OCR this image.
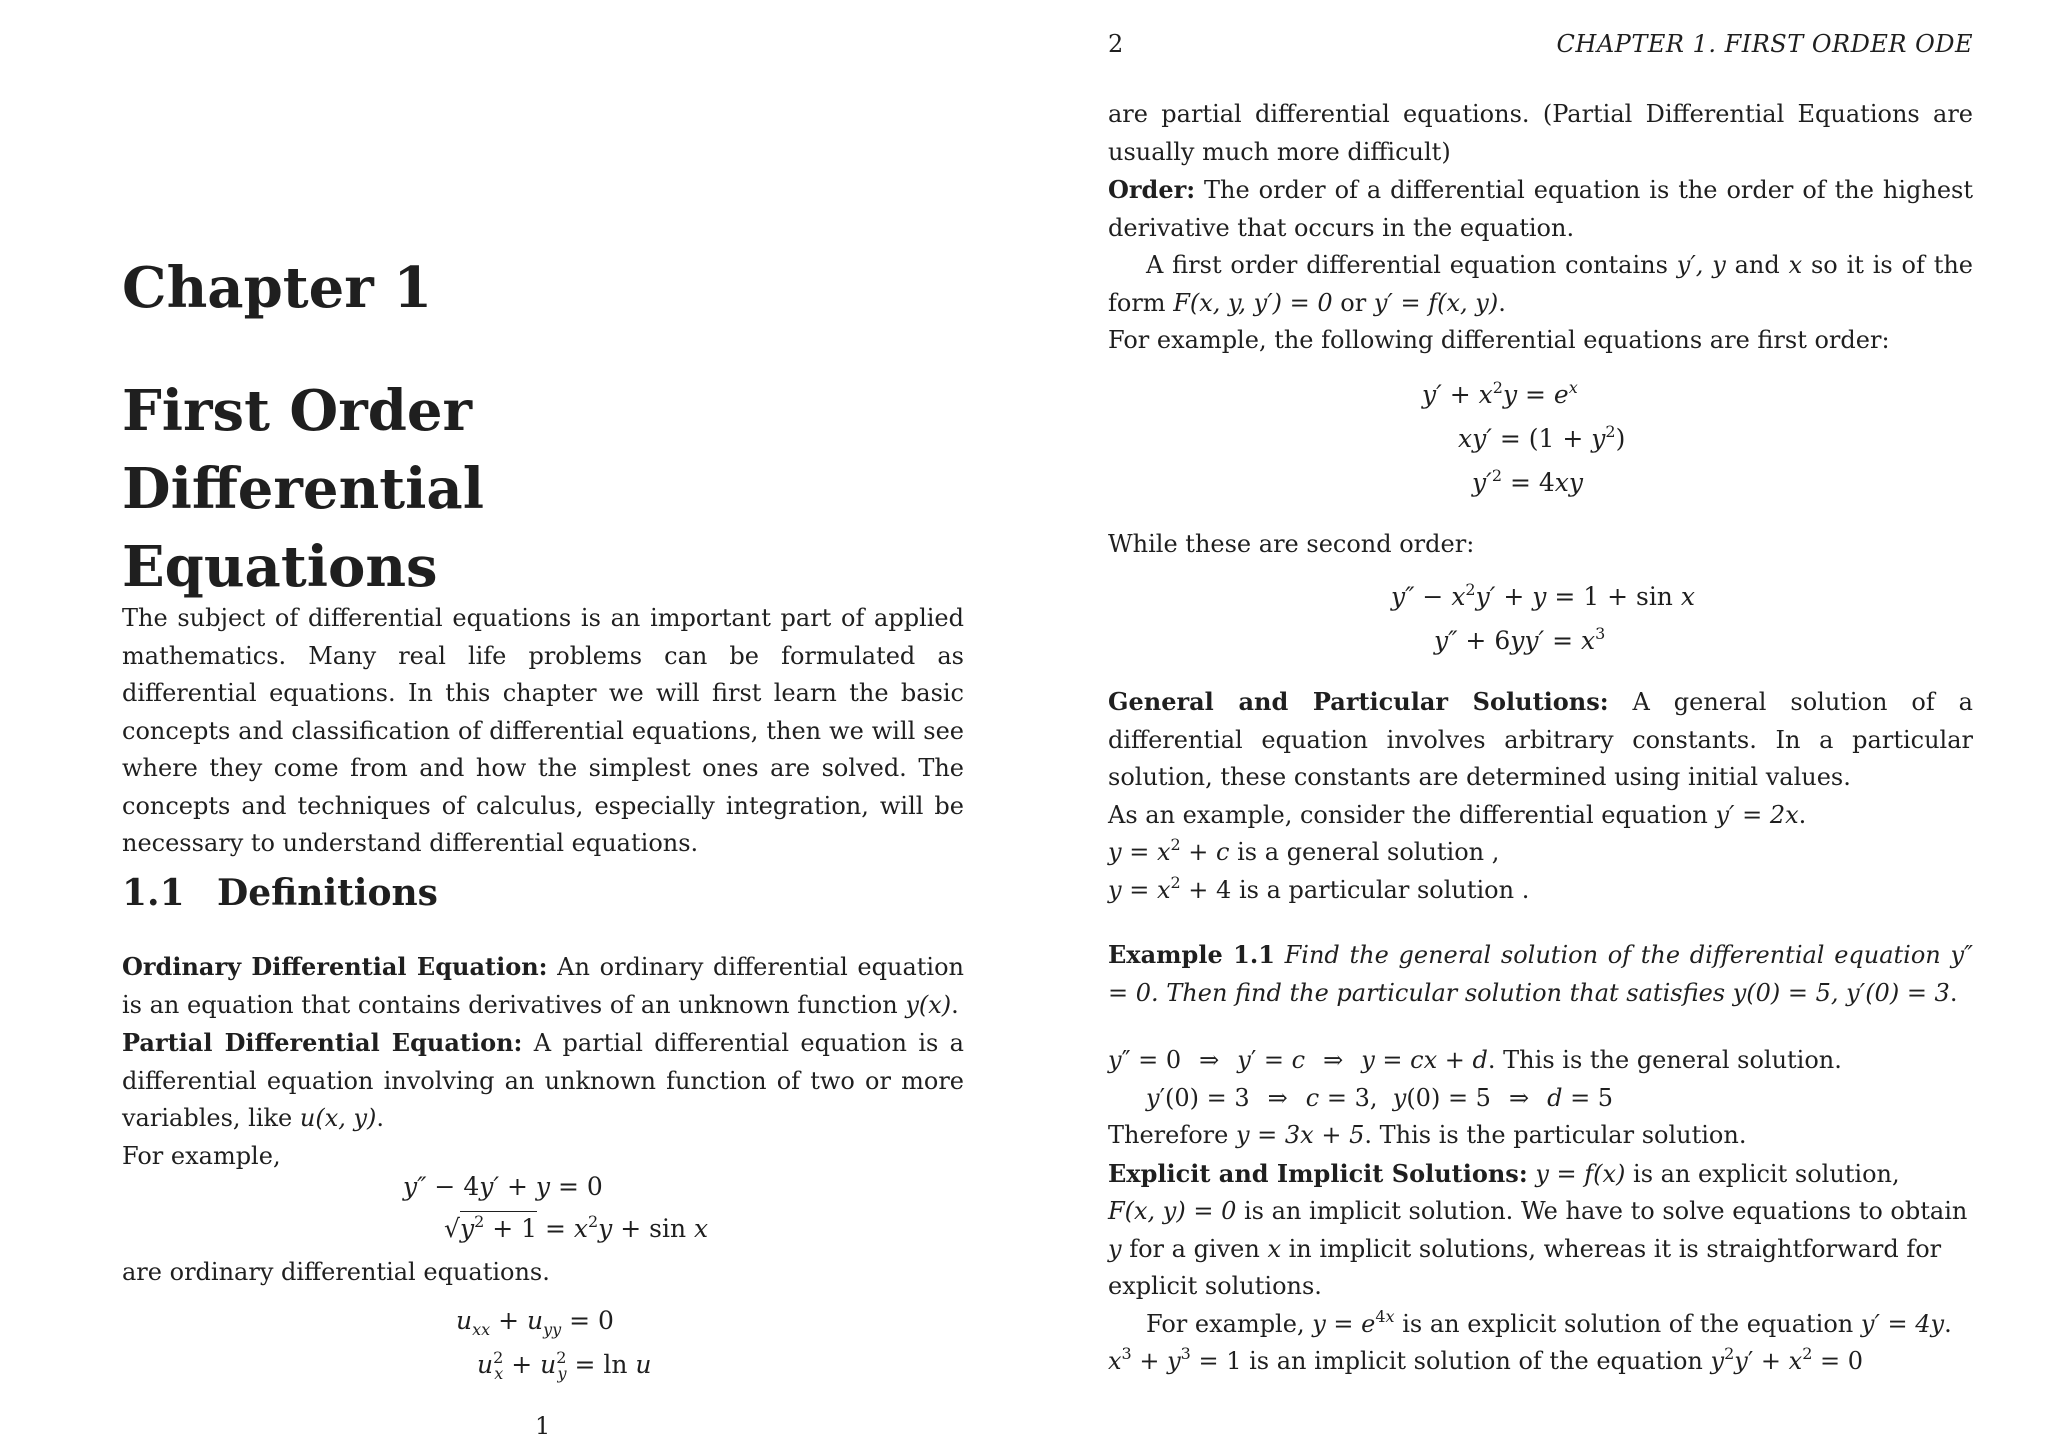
Chapter 1
First Order Differential
Equations

The subject of differential equations is an important part of applied mathematics. Many real life problems can be formulated as differential equations. In this chapter we will first learn the basic concepts and classification of differential equations, then we will see where they come from and how the simplest ones are solved. The concepts and techniques of calculus, especially integration, will be necessary to understand differential equations.

1.1 Definitions

Ordinary Differential Equation: An ordinary differential equation is an equation that contains derivatives of an unknown function y(x).

Partial Differential Equation: A partial differential equation is a differential equation involving an unknown function of two or more variables, like u(x, y).

For example,

y″ − 4y′ + y = 0
$√y^2 + 1 = x^2y + \sin x$

are ordinary differential equations.

$u_{xx} + u_{yy} = 0$
$u^2_x + u^2_y = \ln u$
1
2	CHAPTER 1. FIRST ORDER ODE

are partial differential equations. (Partial Differential Equations are usually much more difficult)

Order: The order of a differential equation is the order of the highest derivative that occurs in the equation.

A first order differential equation contains y′, y and x so it is of the form F(x, y, y′) = 0 or y′ = f(x, y).

For example, the following differential equations are first order:

$y' + x^2y = e^x$
$xy' = (1 + y^2)$
$y'^2 = 4xy$

While these are second order:

$y'' - x^2y' + y = 1 + \sin x$
$y'' + 6yy' = x^3$

General and Particular Solutions: A general solution of a differential equation involves arbitrary constants. In a particular solution, these constants are determined using initial values.

As an example, consider the differential equation y′ = 2x.

$y = x^2 + c$ is a general solution ,

$y = x^2 + 4$ is a particular solution .

Example 1.1 Find the general solution of the differential equation y″ = 0. Then find the particular solution that satisfies y(0) = 5, y′(0) = 3.

y″ = 0 ⇒ y′ = c ⇒ y = cx + d. This is the general solution.

y′(0) = 3 ⇒ c = 3,  y(0) = 5 ⇒ d = 5

Therefore y = 3x + 5. This is the particular solution.

Explicit and Implicit Solutions: y = f(x) is an explicit solution,
F(x, y) = 0 is an implicit solution. We have to solve equations to obtain y for a given x in implicit solutions, whereas it is straightforward for explicit solutions.

For example, $y = e^{4x}$ is an explicit solution of the equation y′ = 4y.

$x^3 + y^3 = 1$ is an implicit solution of the equation $y^2y' + x^2 = 0$
